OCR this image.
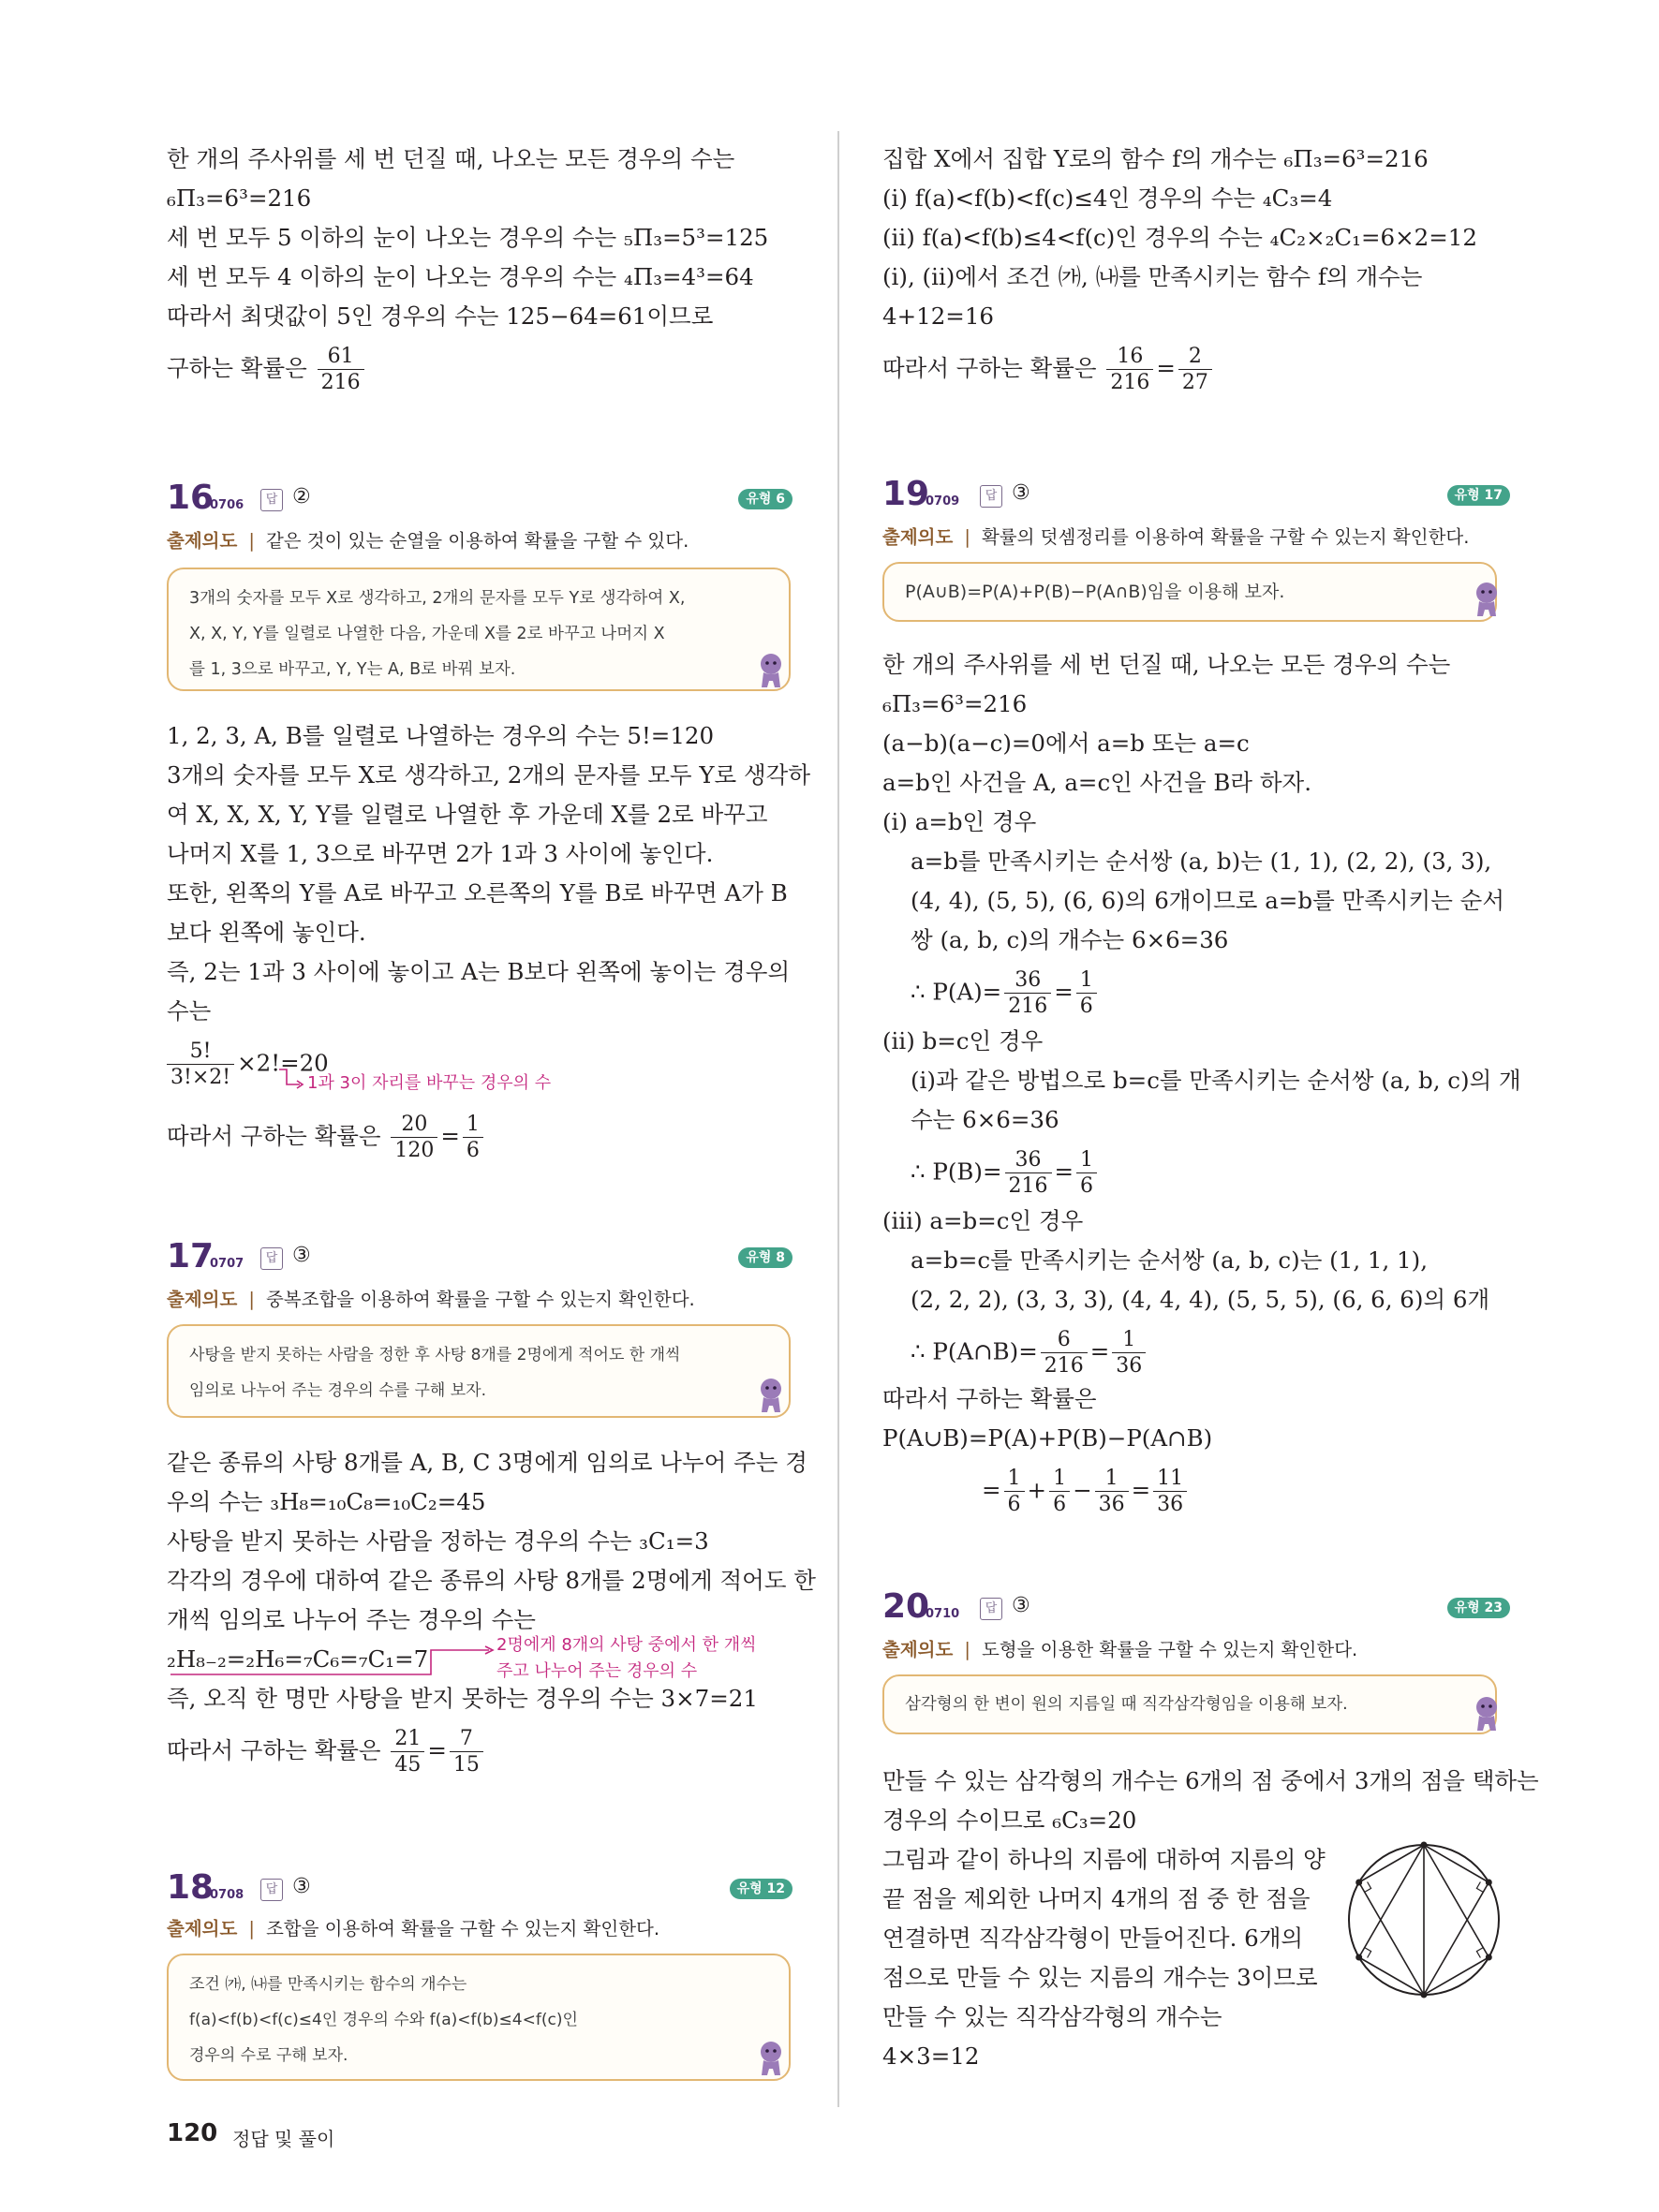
한 개의 주사위를 세 번 던질 때, 나오는 모든 경우의 수는
₆Π₃=6³=216
세 번 모두 5 이하의 눈이 나오는 경우의 수는 ₅Π₃=5³=125
세 번 모두 4 이하의 눈이 나오는 경우의 수는 ₄Π₃=4³=64
따라서 최댓값이 5인 경우의 수는 125−64=61이므로
구하는 확률은 $\frac{61}{216}$
16
0706	답 ②	유형 6
출제의도 | 같은 것이 있는 순열을 이용하여 확률을 구할 수 있다.
3개의 숫자를 모두 X로 생각하고, 2개의 문자를 모두 Y로 생각하여 X,
X, X, Y, Y를 일렬로 나열한 다음, 가운데 X를 2로 바꾸고 나머지 X
를 1, 3으로 바꾸고, Y, Y는 A, B로 바꿔 보자.
1, 2, 3, A, B를 일렬로 나열하는 경우의 수는 5!=120
3개의 숫자를 모두 X로 생각하고, 2개의 문자를 모두 Y로 생각하
여 X, X, X, Y, Y를 일렬로 나열한 후 가운데 X를 2로 바꾸고
나머지 X를 1, 3으로 바꾸면 2가 1과 3 사이에 놓인다.
또한, 왼쪽의 Y를 A로 바꾸고 오른쪽의 Y를 B로 바꾸면 A가 B
보다 왼쪽에 놓인다.
즉, 2는 1과 3 사이에 놓이고 A는 B보다 왼쪽에 놓이는 경우의
수는
$\frac{5!}{3!\times 2!} \times 2!=20$
1과 3이 자리를 바꾸는 경우의 수
따라서 구하는 확률은 $\frac{20}{120} = \frac{1}{6}$
17
0707	답 ③	유형 8
출제의도 | 중복조합을 이용하여 확률을 구할 수 있는지 확인한다.
사탕을 받지 못하는 사람을 정한 후 사탕 8개를 2명에게 적어도 한 개씩
임의로 나누어 주는 경우의 수를 구해 보자.
같은 종류의 사탕 8개를 A, B, C 3명에게 임의로 나누어 주는 경
우의 수는 ₃H₈=₁₀C₈=₁₀C₂=45
사탕을 받지 못하는 사람을 정하는 경우의 수는 ₃C₁=3
각각의 경우에 대하여 같은 종류의 사탕 8개를 2명에게 적어도 한
개씩 임의로 나누어 주는 경우의 수는
₂H₈₋₂=₂H₆=₇C₆=₇C₁=7
2명에게 8개의 사탕 중에서 한 개씩
주고 나누어 주는 경우의 수
즉, 오직 한 명만 사탕을 받지 못하는 경우의 수는 3×7=21
따라서 구하는 확률은 $\frac{21}{45} = \frac{7}{15}$
18
0708	답 ③	유형 12
출제의도 | 조합을 이용하여 확률을 구할 수 있는지 확인한다.
조건 ㈎, ㈏를 만족시키는 함수의 개수는
f(a)<f(b)<f(c)≤4인 경우의 수와 f(a)<f(b)≤4<f(c)인
경우의 수로 구해 보자.
집합 X에서 집합 Y로의 함수 f의 개수는 ₆Π₃=6³=216
(ⅰ) f(a)<f(b)<f(c)≤4인 경우의 수는 ₄C₃=4
(ⅱ) f(a)<f(b)≤4<f(c)인 경우의 수는 ₄C₂×₂C₁=6×2=12
(ⅰ), (ⅱ)에서 조건 ㈎, ㈏를 만족시키는 함수 f의 개수는
4+12=16
따라서 구하는 확률은 $\frac{16}{216} = \frac{2}{27}$
19
0709	답 ③	유형 17
출제의도 | 확률의 덧셈정리를 이용하여 확률을 구할 수 있는지 확인한다.
P(A∪B)=P(A)+P(B)−P(A∩B)임을 이용해 보자.
한 개의 주사위를 세 번 던질 때, 나오는 모든 경우의 수는
₆Π₃=6³=216
(a−b)(a−c)=0에서 a=b 또는 a=c
a=b인 사건을 A, a=c인 사건을 B라 하자.
(ⅰ) a=b인 경우
a=b를 만족시키는 순서쌍 (a, b)는 (1, 1), (2, 2), (3, 3),
(4, 4), (5, 5), (6, 6)의 6개이므로 a=b를 만족시키는 순서
쌍 (a, b, c)의 개수는 6×6=36
∴ $P(A)= \frac{36}{216} = \frac{1}{6}$
(ⅱ) b=c인 경우
(ⅰ)과 같은 방법으로 b=c를 만족시키는 순서쌍 (a, b, c)의 개
수는 6×6=36
∴ $P(B)= \frac{36}{216} = \frac{1}{6}$
(ⅲ) a=b=c인 경우
a=b=c를 만족시키는 순서쌍 (a, b, c)는 (1, 1, 1),
(2, 2, 2), (3, 3, 3), (4, 4, 4), (5, 5, 5), (6, 6, 6)의 6개
∴ P(A∩B)= $\frac{6}{216} = \frac{1}{36}$
따라서 구하는 확률은
P(A∪B)=P(A)+P(B)−P(A∩B)
= $\frac{1}{6} + \frac{1}{6} - \frac{1}{36} = \frac{11}{36}$
20
0710	답 ③	유형 23
출제의도 | 도형을 이용한 확률을 구할 수 있는지 확인한다.
삼각형의 한 변이 원의 지름일 때 직각삼각형임을 이용해 보자.
만들 수 있는 삼각형의 개수는 6개의 점 중에서 3개의 점을 택하는
경우의 수이므로 ₆C₃=20
그림과 같이 하나의 지름에 대하여 지름의 양
끝 점을 제외한 나머지 4개의 점 중 한 점을
연결하면 직각삼각형이 만들어진다. 6개의
점으로 만들 수 있는 지름의 개수는 3이므로
만들 수 있는 직각삼각형의 개수는
4×3=12
120 정답 및 풀이
